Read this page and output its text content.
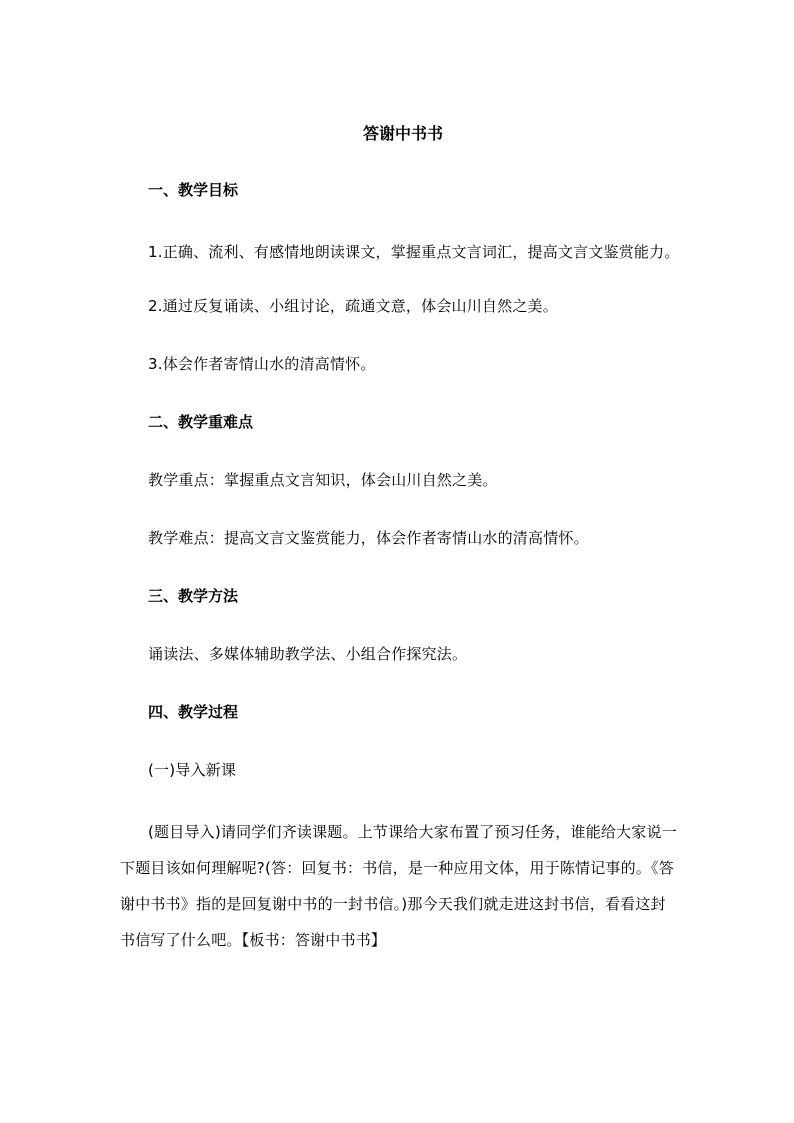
答谢中书书
一、教学目标
1.正确、流利、有感情地朗读课文，掌握重点文言词汇，提高文言文鉴赏能力。
2.通过反复诵读、小组讨论，疏通文意，体会山川自然之美。
3.体会作者寄情山水的清高情怀。
二、教学重难点
教学重点：掌握重点文言知识，体会山川自然之美。
教学难点：提高文言文鉴赏能力，体会作者寄情山水的清高情怀。
三、教学方法
诵读法、多媒体辅助教学法、小组合作探究法。
四、教学过程
(一)导入新课
(题目导入)请同学们齐读课题。上节课给大家布置了预习任务，谁能给大家说一下题目该如何理解呢?(答：回复书：书信，是一种应用文体，用于陈情记事的。《答谢中书书》指的是回复谢中书的一封书信。)那今天我们就走进这封书信，看看这封书信写了什么吧。【板书：答谢中书书】
